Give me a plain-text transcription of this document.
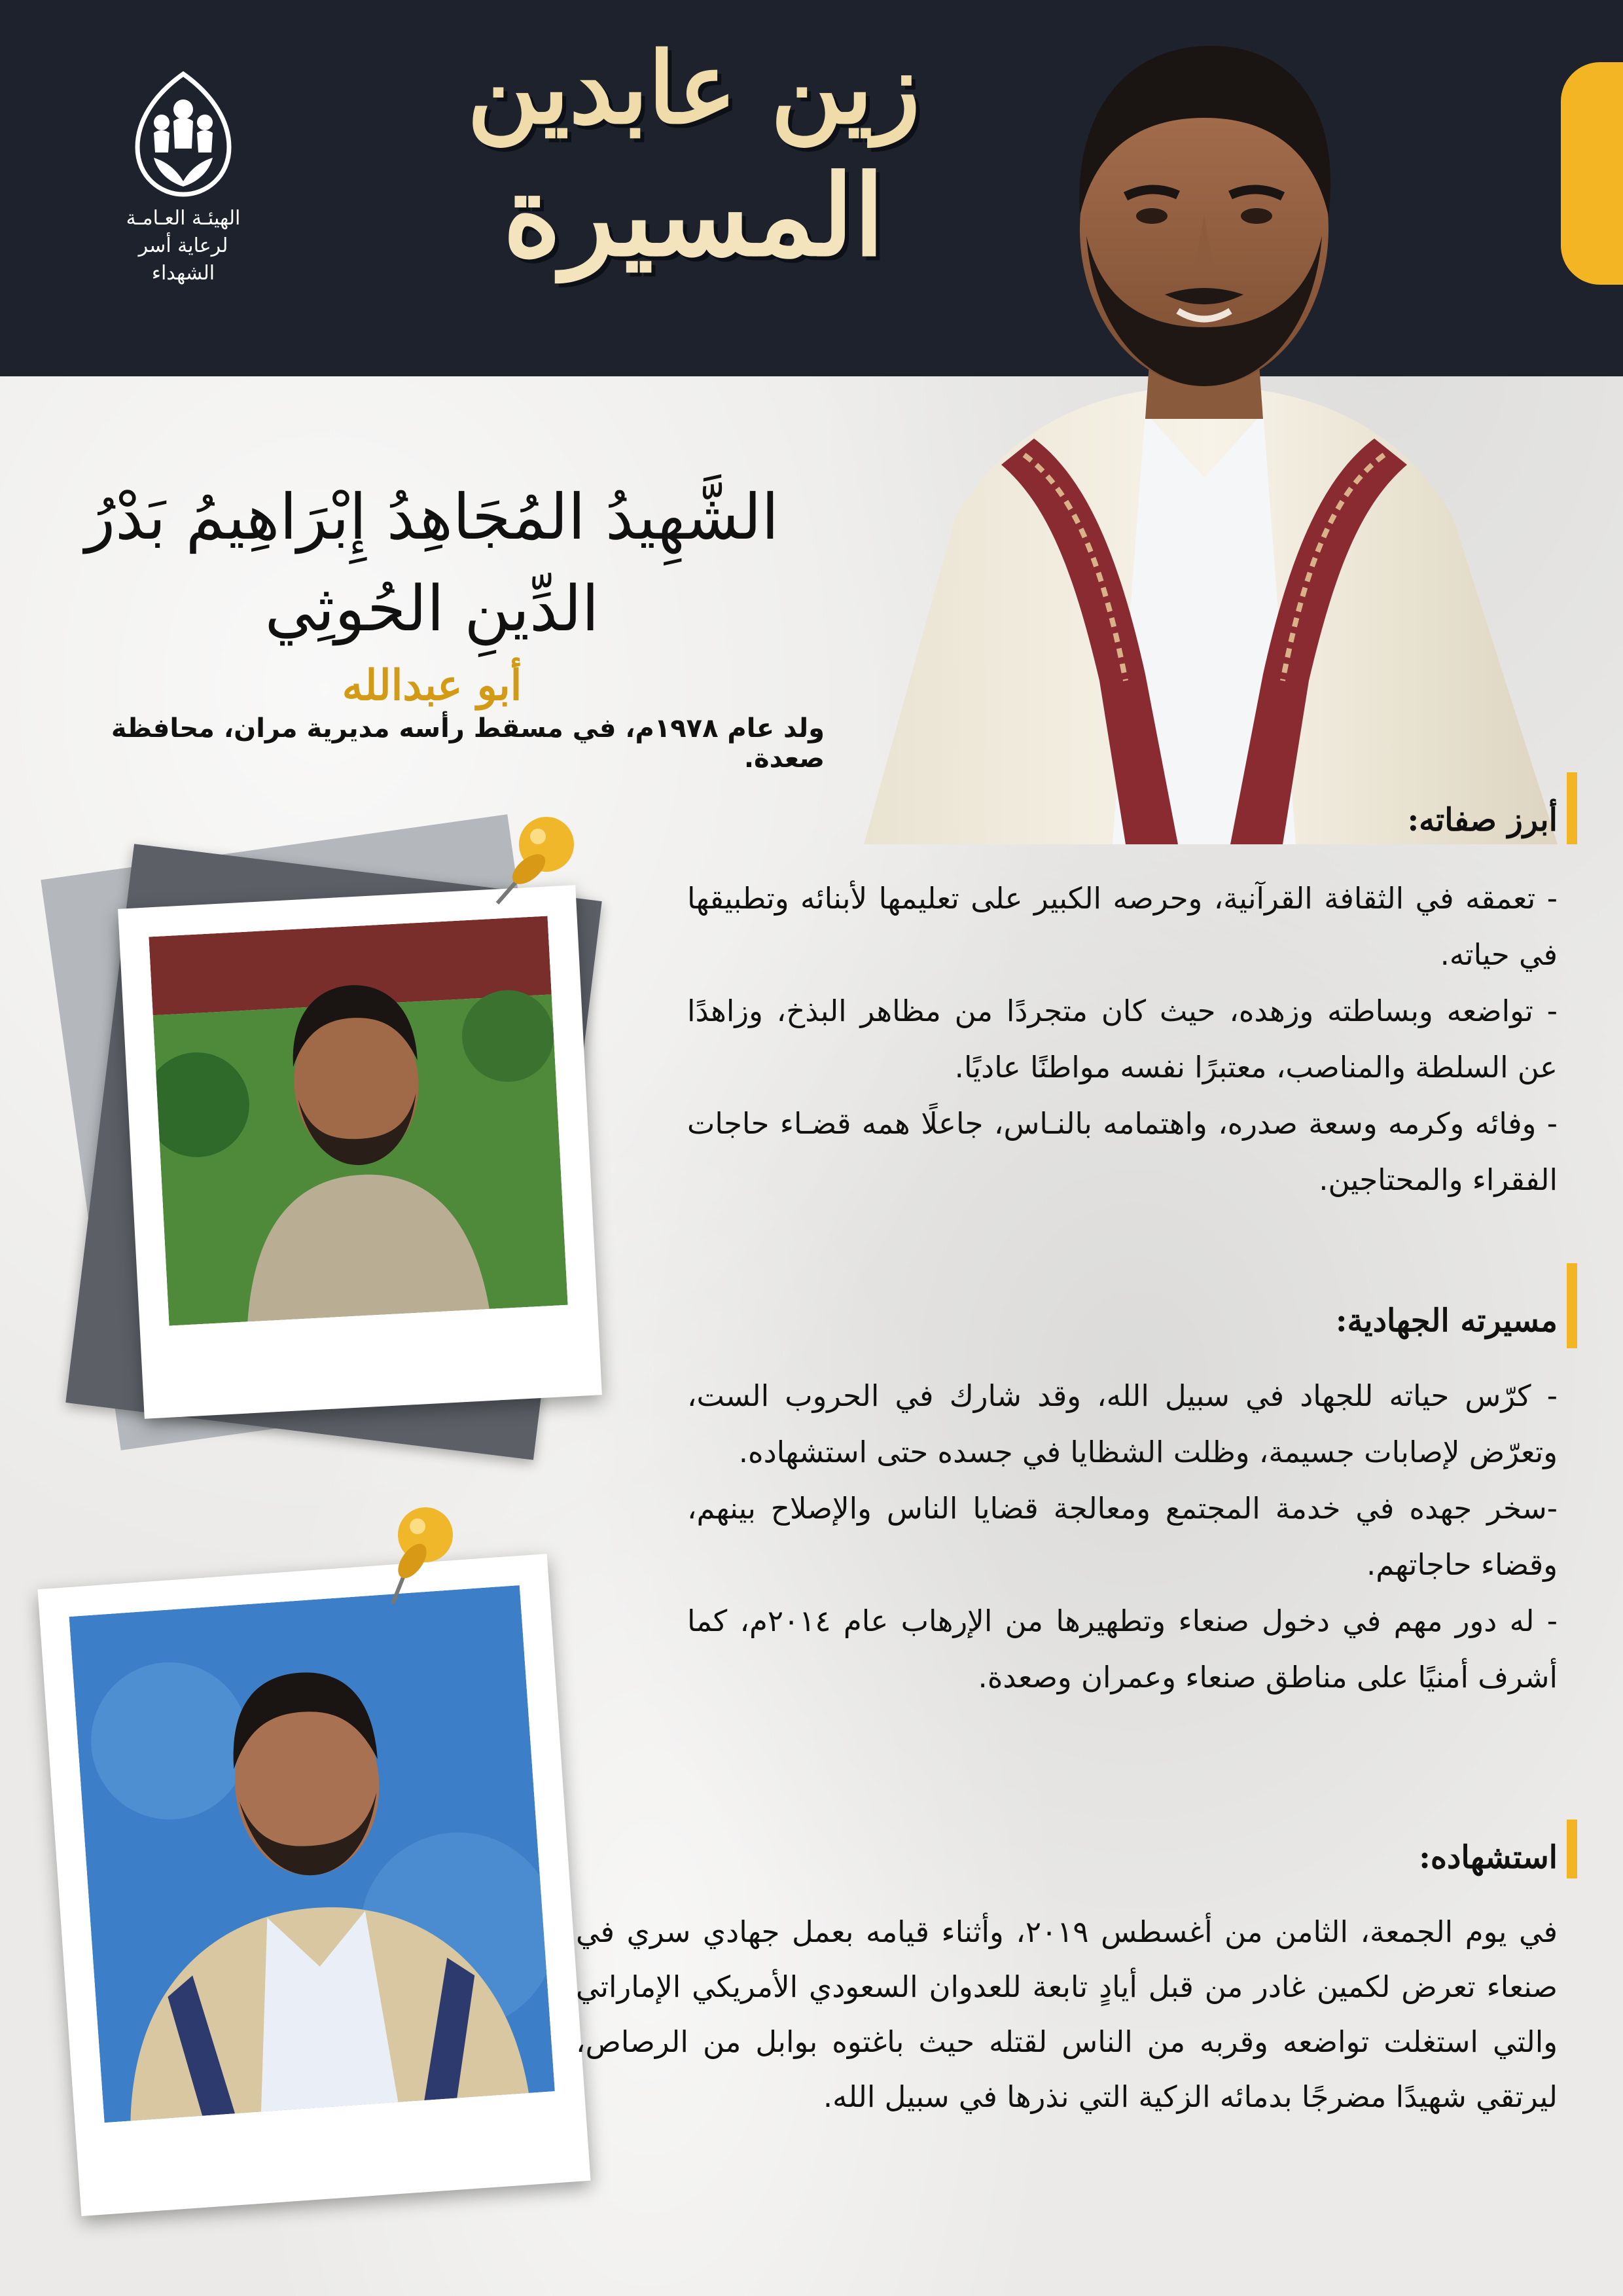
الهيئـة العـامـة
لرعاية أسر الشهداء
زين عابدين
المسيرة
الشَّهِيدُ المُجَاهِدُ إِبْرَاهِيمُ بَدْرُ الدِّينِ الحُوثِي
أبو عبدالله
ولد عام ١٩٧٨م، في مسقط رأسه مديرية مران، محافظة صعدة.
أبرز صفاته:
- تعمقه في الثقافة القرآنية، وحرصه الكبير على تعليمها لأبنائه وتطبيقها في حياته.
- تواضعه وبساطته وزهده، حيث كان متجردًا من مظاهر البذخ، وزاهدًا عن السلطة والمناصب، معتبرًا نفسه مواطنًا عاديًا.
- وفائه وكرمه وسعة صدره، واهتمامه بالنـاس، جاعلًا همه قضـاء حاجات الفقراء والمحتاجين.
مسيرته الجهادية:
- كرّس حياته للجهاد في سبيل الله، وقد شارك في الحروب الست، وتعرّض لإصابات جسيمة، وظلت الشظايا في جسده حتى استشهاده.
-سخر جهده في خدمة المجتمع ومعالجة قضايا الناس والإصلاح بينهم، وقضاء حاجاتهم.
- له دور مهم في دخول صنعاء وتطهيرها من الإرهاب عام ٢٠١٤م، كما أشرف أمنيًا على مناطق صنعاء وعمران وصعدة.
استشهاده:
في يوم الجمعة، الثامن من أغسطس ٢٠١٩، وأثناء قيامه بعمل جهادي سري في صنعاء تعرض لكمين غادر من قبل أيادٍ تابعة للعدوان السعودي الأمريكي الإماراتي والتي استغلت تواضعه وقربه من الناس لقتله حيث باغتوه بوابل من الرصاص، ليرتقي شهيدًا مضرجًا بدمائه الزكية التي نذرها في سبيل الله.
